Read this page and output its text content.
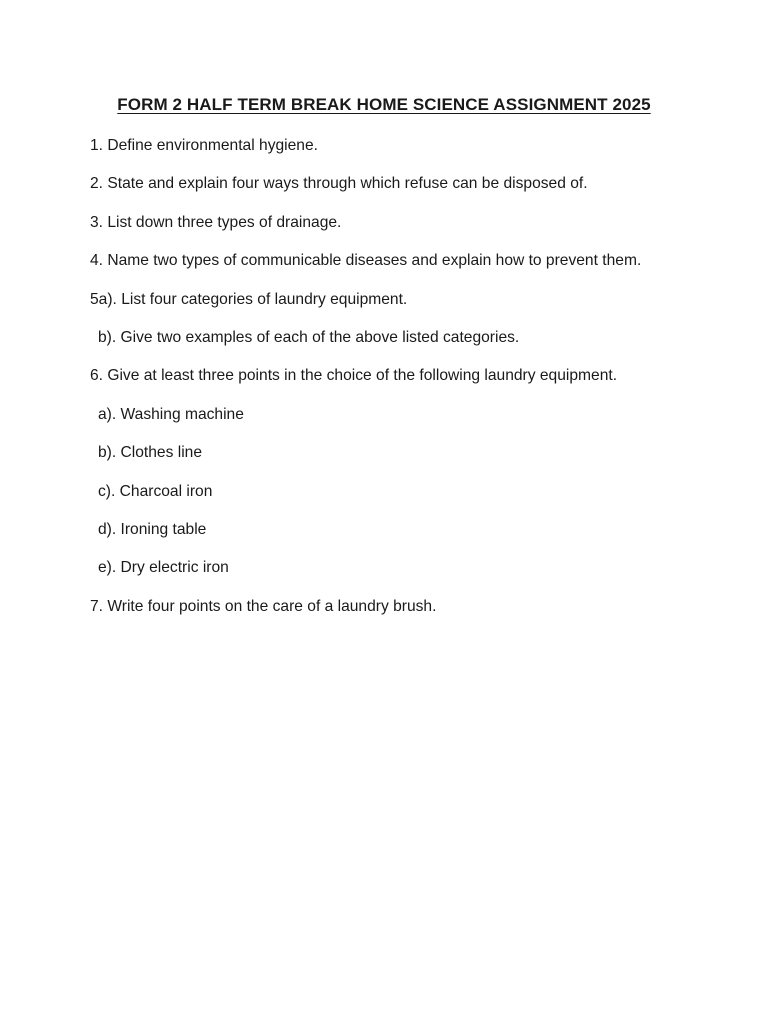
FORM 2 HALF TERM BREAK HOME SCIENCE ASSIGNMENT 2025
1. Define environmental hygiene.
2. State and explain four ways through which refuse can be disposed of.
3. List down three types of drainage.
4. Name two types of communicable diseases and explain how to prevent them.
5a). List four categories of laundry equipment.
b). Give two examples of each of the above listed categories.
6. Give at least three points in the choice of the following laundry equipment.
a). Washing machine
b). Clothes line
c). Charcoal iron
d). Ironing table
e). Dry electric iron
7. Write four points on the care of a laundry brush.
